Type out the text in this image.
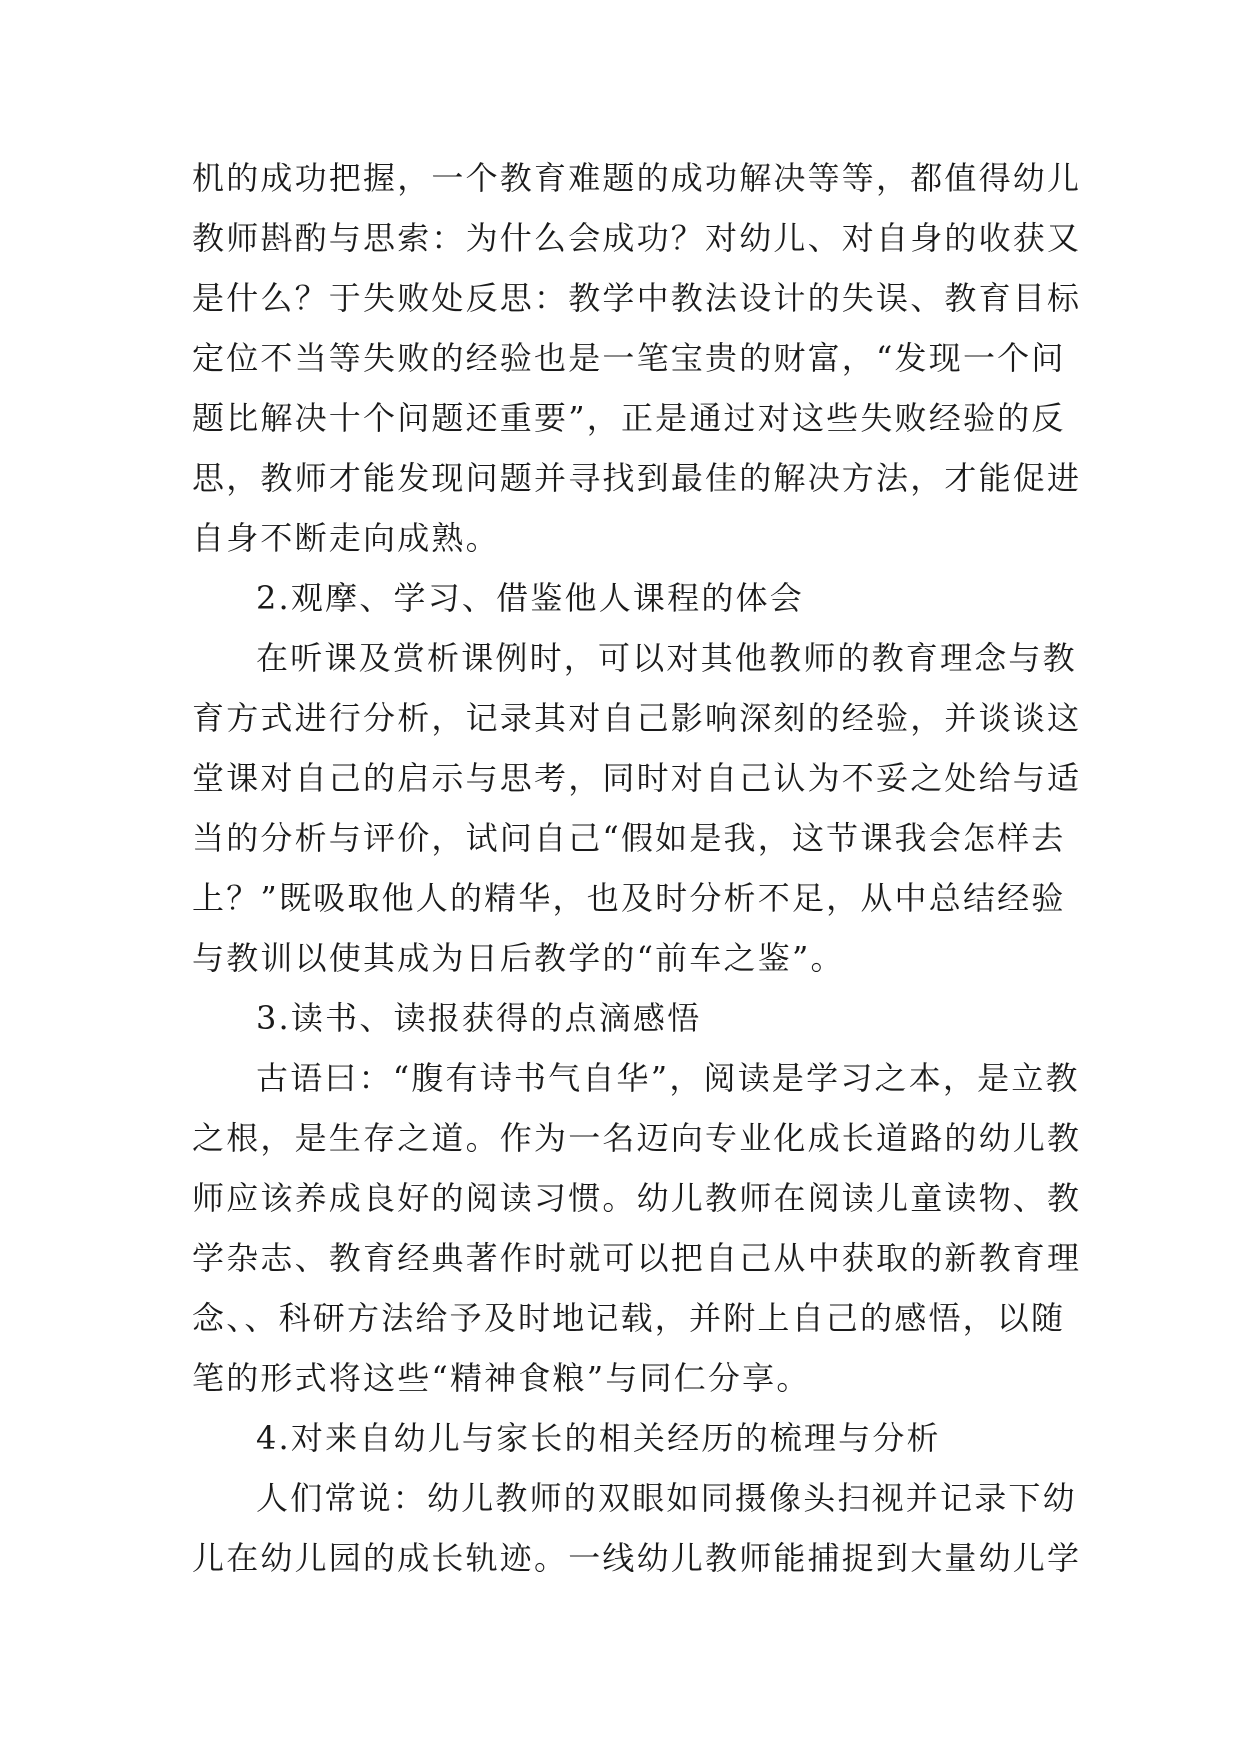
机的成功把握，一个教育难题的成功解决等等，都值得幼儿
教师斟酌与思索：为什么会成功？对幼儿、对自身的收获又
是什么？于失败处反思：教学中教法设计的失误、教育目标
定位不当等失败的经验也是一笔宝贵的财富，“发现一个问
题比解决十个问题还重要”，正是通过对这些失败经验的反
思，教师才能发现问题并寻找到最佳的解决方法，才能促进
自身不断走向成熟。
2.观摩、学习、借鉴他人课程的体会
在听课及赏析课例时，可以对其他教师的教育理念与教
育方式进行分析，记录其对自己影响深刻的经验，并谈谈这
堂课对自己的启示与思考，同时对自己认为不妥之处给与适
当的分析与评价，试问自己“假如是我，这节课我会怎样去
上？”既吸取他人的精华，也及时分析不足，从中总结经验
与教训以使其成为日后教学的“前车之鉴”。
3.读书、读报获得的点滴感悟
古语曰：“腹有诗书气自华”，阅读是学习之本，是立教
之根，是生存之道。作为一名迈向专业化成长道路的幼儿教
师应该养成良好的阅读习惯。幼儿教师在阅读儿童读物、教
学杂志、教育经典著作时就可以把自己从中获取的新教育理
念、、科研方法给予及时地记载，并附上自己的感悟，以随
笔的形式将这些“精神食粮”与同仁分享。
4.对来自幼儿与家长的相关经历的梳理与分析
人们常说：幼儿教师的双眼如同摄像头扫视并记录下幼
儿在幼儿园的成长轨迹。一线幼儿教师能捕捉到大量幼儿学
